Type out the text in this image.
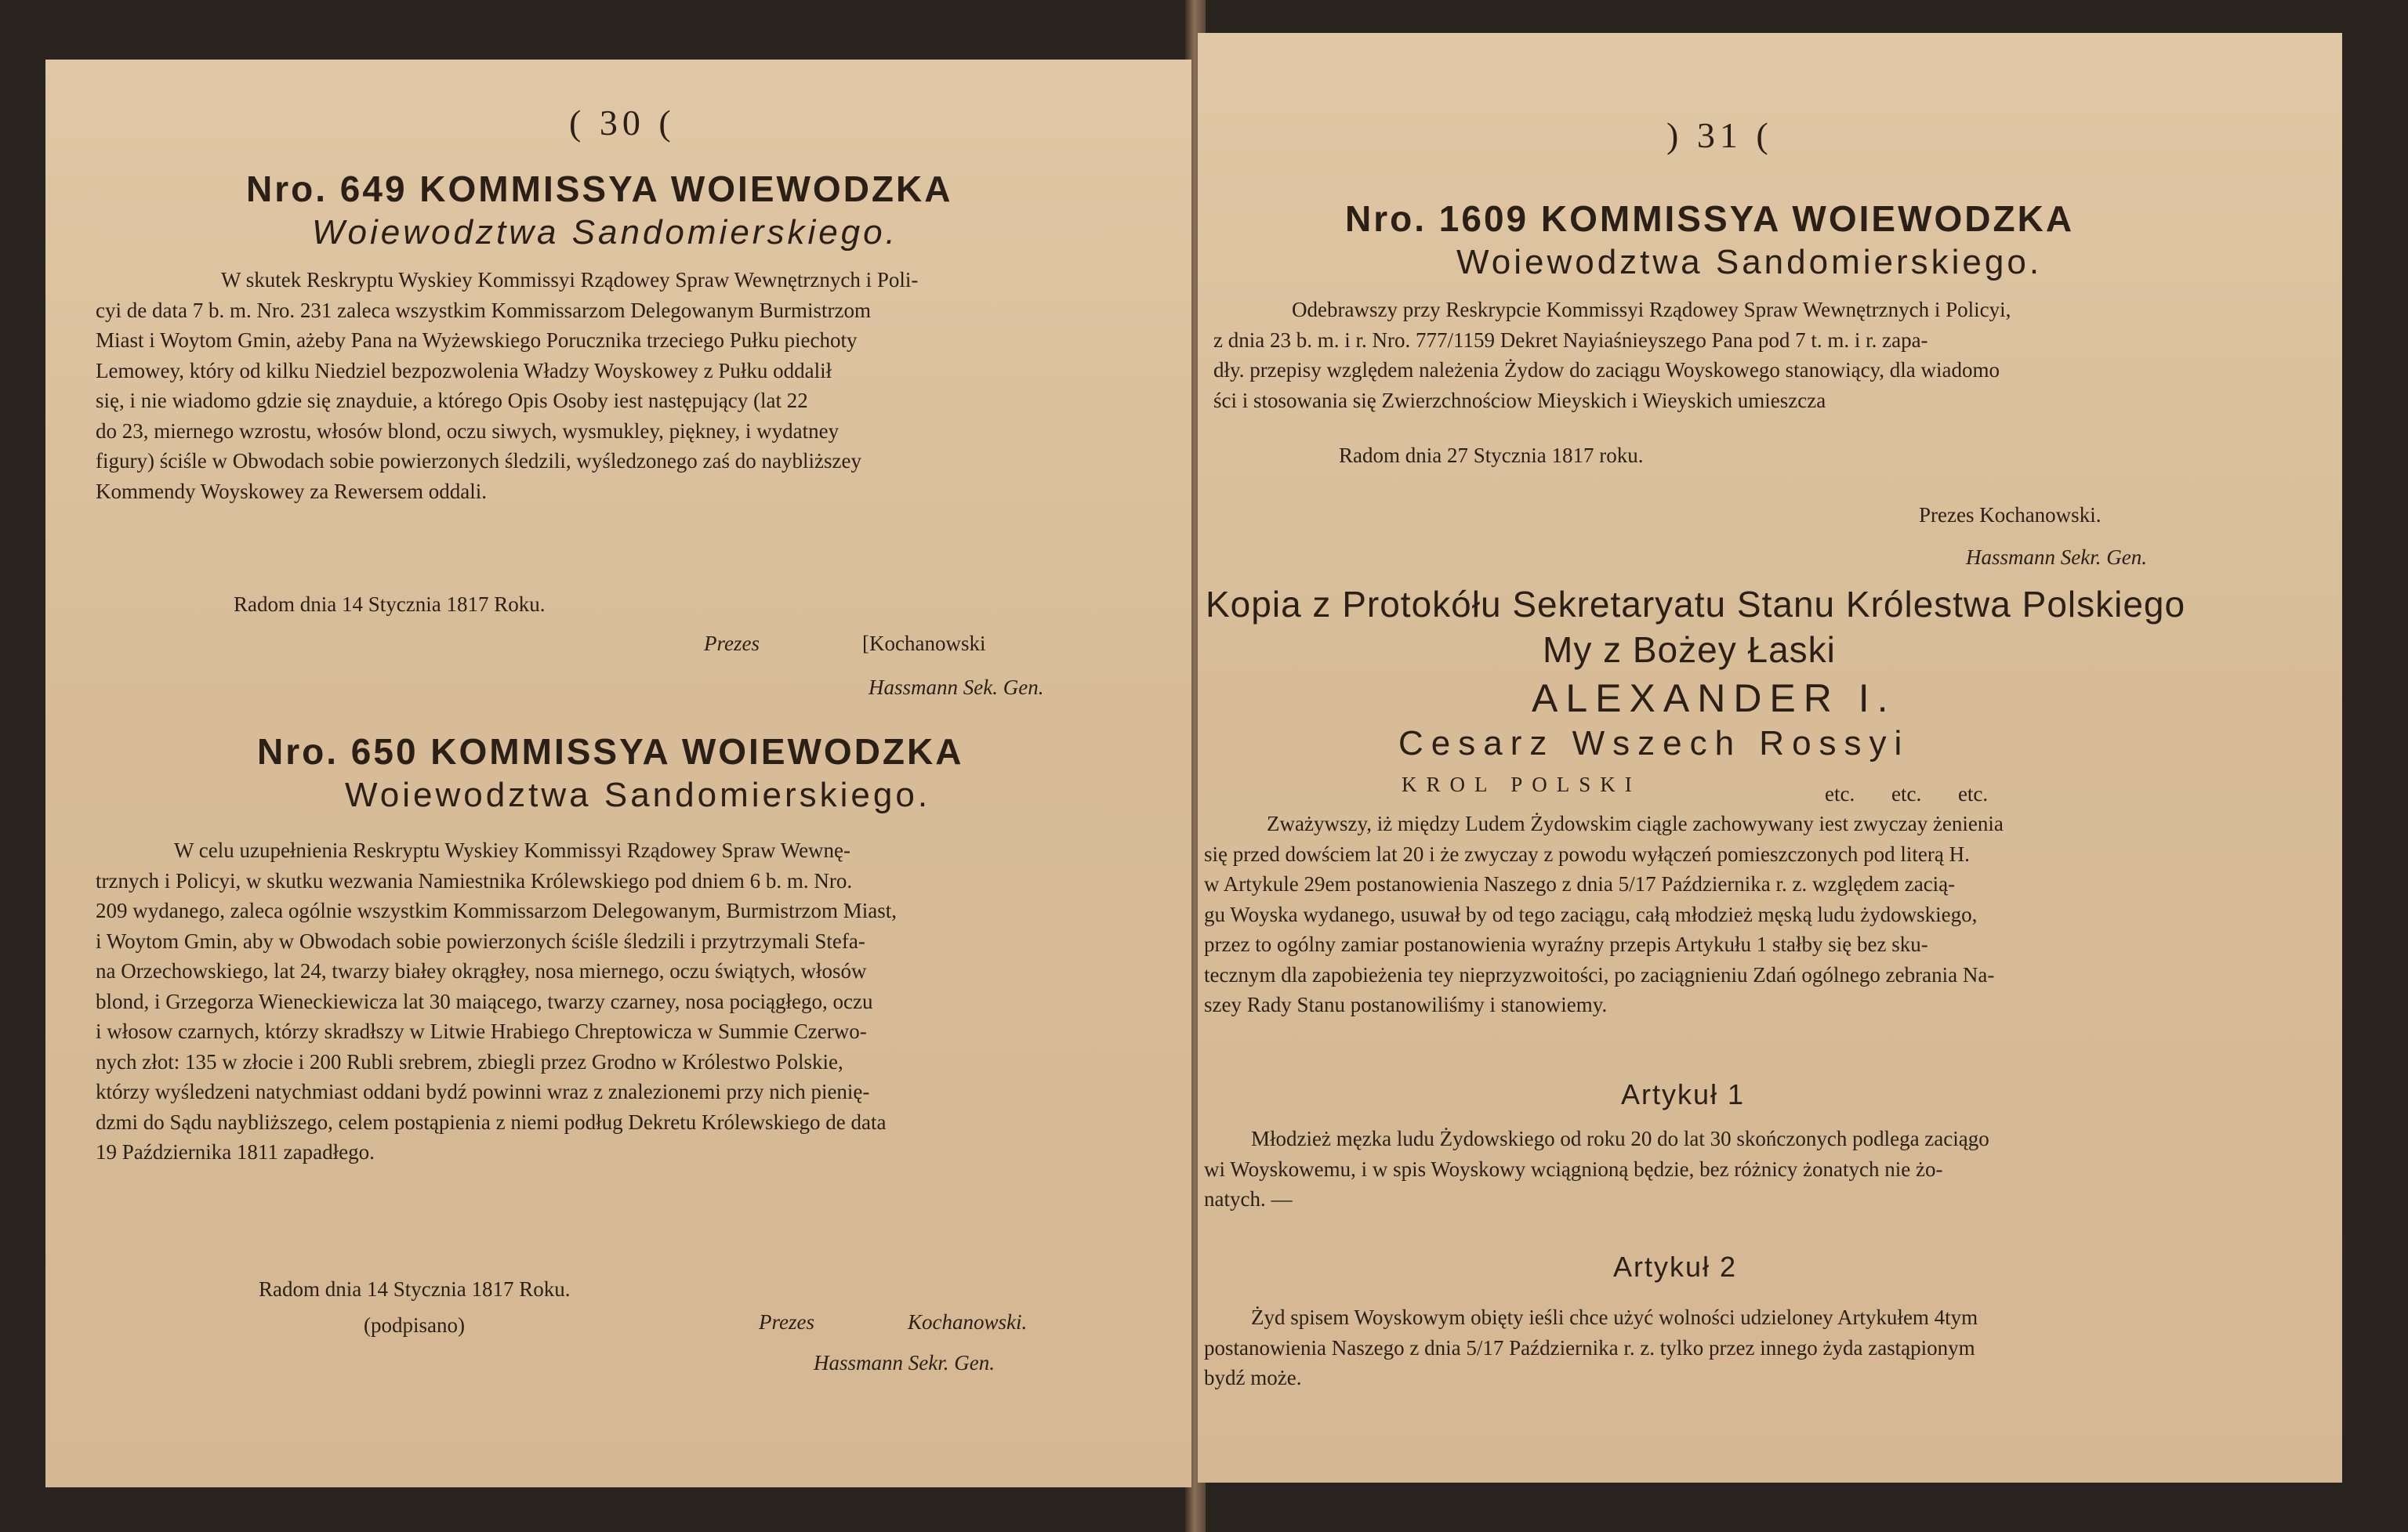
( 30 (
Nro. 649 KOMMISSYA WOIEWODZKA
Woiewodztwa Sandomierskiego.

W skutek Reskryptu Wyskiey Kommissyi Rządowey Spraw Wewnętrznych i Poli-

cyi de data 7 b. m. Nro. 231 zaleca wszystkim Kommissarzom Delegowanym Burmistrzom

Miast i Woytom Gmin, ażeby Pana na Wyżewskiego Porucznika trzeciego Pułku piechoty

Lemowey, który od kilku Niedziel bezpozwolenia Władzy Woyskowey z Pułku oddalił

się, i nie wiadomo gdzie się znayduie, a którego Opis Osoby iest następujący (lat 22

do 23, miernego wzrostu, włosów blond, oczu siwych, wysmukley, piękney, i wydatney

figury) ściśle w Obwodach sobie powierzonych śledzili, wyśledzonego zaś do naybliższey

Kommendy Woyskowey za Rewersem oddali.

Radom dnia 14 Stycznia 1817 Roku.
Prezes	[Kochanowski
Hassmann Sek. Gen.
Nro. 650 KOMMISSYA WOIEWODZKA
Woiewodztwa Sandomierskiego.

W celu uzupełnienia Reskryptu Wyskiey Kommissyi Rządowey Spraw Wewnę-

trznych i Policyi, w skutku wezwania Namiestnika Królewskiego pod dniem 6 b. m. Nro.

209 wydanego, zaleca ogólnie wszystkim Kommissarzom Delegowanym, Burmistrzom Miast,

i Woytom Gmin, aby w Obwodach sobie powierzonych ściśle śledzili i przytrzymali Stefa-

na Orzechowskiego, lat 24, twarzy białey okrągłey, nosa miernego, oczu świątych, włosów

blond, i Grzegorza Wieneckiewicza lat 30 maiącego, twarzy czarney, nosa pociągłego, oczu

i włosow czarnych, którzy skradłszy w Litwie Hrabiego Chreptowicza w Summie Czerwo-

nych złot: 135 w złocie i 200 Rubli srebrem, zbiegli przez Grodno w Królestwo Polskie,

którzy wyśledzeni natychmiast oddani bydź powinni wraz z znalezionemi przy nich pienię-

dzmi do Sądu naybliższego, celem postąpienia z niemi podług Dekretu Królewskiego de data

19 Października 1811 zapadłego.

Radom dnia 14 Stycznia 1817 Roku.
(podpisano)	Prezes	Kochanowski.
Hassmann Sekr. Gen.
) 31 (
Nro. 1609 KOMMISSYA WOIEWODZKA
Woiewodztwa Sandomierskiego.

Odebrawszy przy Reskrypcie Kommissyi Rządowey Spraw Wewnętrznych i Policyi,

z dnia 23 b. m. i r. Nro. 777/1159 Dekret Nayiaśnieyszego Pana pod 7 t. m. i r. zapa-

dły. przepisy względem należenia Żydow do zaciągu Woyskowego stanowiący, dla wiadomo

ści i stosowania się Zwierzchnościow Mieyskich i Wieyskich umieszcza

Radom dnia 27 Stycznia 1817 roku.
Prezes Kochanowski.
Hassmann Sekr. Gen.
Kopia z Protokółu Sekretaryatu Stanu Królestwa Polskiego
My z Bożey Łaski
ALEXANDER I.
Cesarz Wszech Rossyi
KROL POLSKI	etc. etc. etc.

Zważywszy, iż między Ludem Żydowskim ciągle zachowywany iest zwyczay żenienia

się przed dowściem lat 20 i że zwyczay z powodu wyłączeń pomieszczonych pod literą H.

w Artykule 29em postanowienia Naszego z dnia 5/17 Października r. z. względem zacią-

gu Woyska wydanego, usuwał by od tego zaciągu, całą młodzież męską ludu żydowskiego,

przez to ogólny zamiar postanowienia wyraźny przepis Artykułu 1 stałby się bez sku-

tecznym dla zapobieżenia tey nieprzyzwoitości, po zaciągnieniu Zdań ogólnego zebrania Na-

szey Rady Stanu postanowiliśmy i stanowiemy.

Artykuł 1

Młodzież męzka ludu Żydowskiego od roku 20 do lat 30 skończonych podlega zaciągo

wi Woyskowemu, i w spis Woyskowy wciągnioną będzie, bez różnicy żonatych nie żo-

natych. —

Artykuł 2

Żyd spisem Woyskowym obięty ieśli chce użyć wolności udzieloney Artykułem 4tym

postanowienia Naszego z dnia 5/17 Października r. z. tylko przez innego żyda zastąpionym

bydź może.
